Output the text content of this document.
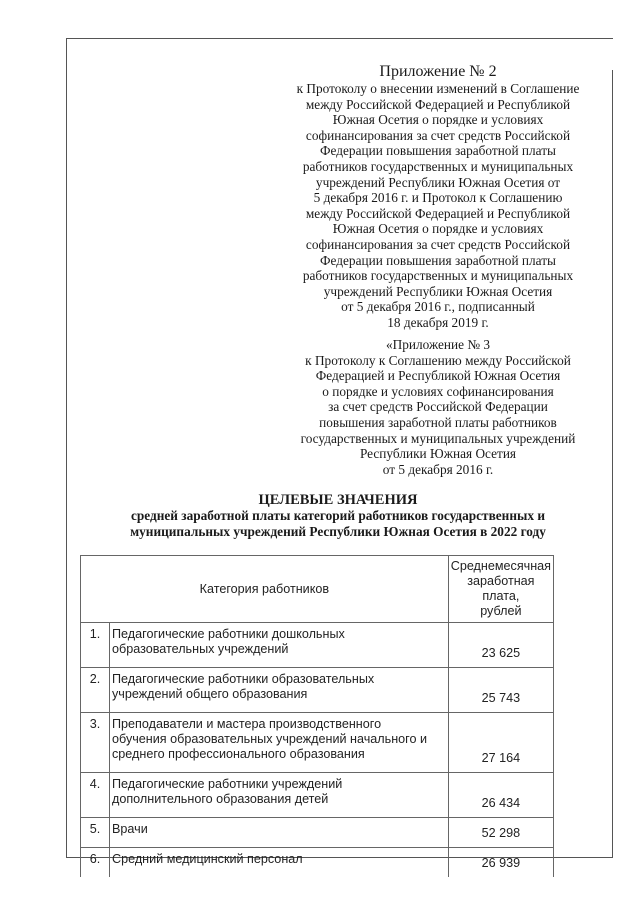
Приложение № 2
к Протоколу о внесении изменений в Соглашение
между Российской Федерацией и Республикой
Южная Осетия о порядке и условиях
софинансирования за счет средств Российской
Федерации повышения заработной платы
работников государственных и муниципальных
учреждений Республики Южная Осетия от
5 декабря 2016 г. и Протокол к Соглашению
между Российской Федерацией и Республикой
Южная Осетия о порядке и условиях
софинансирования за счет средств Российской
Федерации повышения заработной платы
работников государственных и муниципальных
учреждений Республики Южная Осетия
от 5 декабря 2016 г., подписанный
18 декабря 2019 г.
«Приложение № 3
к Протоколу к Соглашению между Российской
Федерацией и Республикой Южная Осетия
о порядке и условиях софинансирования
за счет средств Российской Федерации
повышения заработной платы работников
государственных и муниципальных учреждений
Республики Южная Осетия
от 5 декабря 2016 г.
ЦЕЛЕВЫЕ ЗНАЧЕНИЯ
средней заработной платы категорий работников государственных и
муниципальных учреждений Республики Южная Осетия в 2022 году
Категория работников		Среднемесячная
заработная плата,
рублей

1.	Педагогические работники дошкольных
образовательных учреждений	23 625
2.	Педагогические работники образовательных
учреждений общего образования	25 743
3.	Преподаватели и мастера производственного
обучения образовательных учреждений начального и
среднего профессионального образования	27 164
4.	Педагогические работники учреждений
дополнительного образования детей	26 434
5.	Врачи	52 298
6.	Средний медицинский персонал	26 939
